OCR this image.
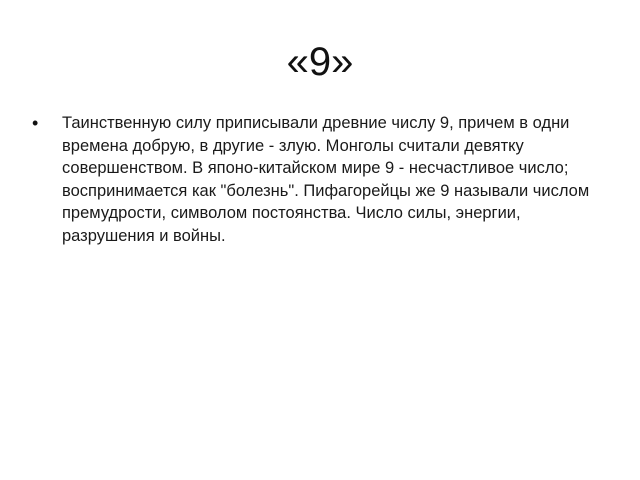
«9»
•	Таинственную силу приписывали древние числу 9, причем в одни времена добрую, в другие - злую. Монголы считали девятку совершенством. В японо-китайском мире 9 - несчастливое число; воспринимается как "болезнь". Пифагорейцы же 9 называли числом премудрости, символом постоянства. Число силы, энергии, разрушения и войны.
